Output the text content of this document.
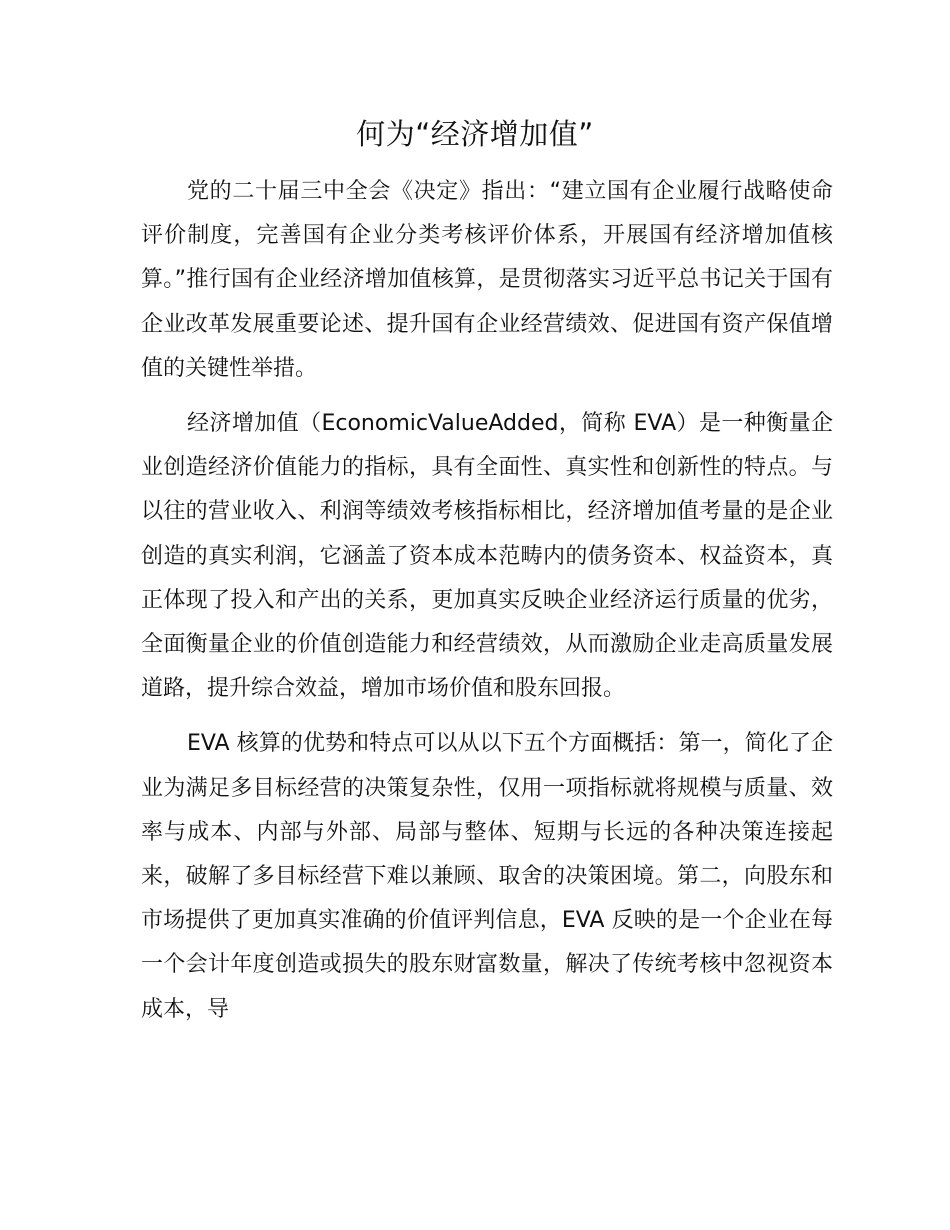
何为“经济增加值”

党的二十届三中全会《决定》指出：“建立国有企业履行战略使命评价制度，完善国有企业分类考核评价体系，开展国有经济增加值核算。”推行国有企业经济增加值核算，是贯彻落实习近平总书记关于国有企业改革发展重要论述、提升国有企业经营绩效、促进国有资产保值增值的关键性举措。

经济增加值（EconomicValueAdded，简称 EVA）是一种衡量企业创造经济价值能力的指标，具有全面性、真实性和创新性的特点。与以往的营业收入、利润等绩效考核指标相比，经济增加值考量的是企业创造的真实利润，它涵盖了资本成本范畴内的债务资本、权益资本，真正体现了投入和产出的关系，更加真实反映企业经济运行质量的优劣，全面衡量企业的价值创造能力和经营绩效，从而激励企业走高质量发展道路，提升综合效益，增加市场价值和股东回报。

EVA 核算的优势和特点可以从以下五个方面概括：第一，简化了企业为满足多目标经营的决策复杂性，仅用一项指标就将规模与质量、效率与成本、内部与外部、局部与整体、短期与长远的各种决策连接起来，破解了多目标经营下难以兼顾、取舍的决策困境。第二，向股东和市场提供了更加真实准确的价值评判信息，EVA 反映的是一个企业在每一个会计年度创造或损失的股东财富数量，解决了传统考核中忽视资本成本，导
